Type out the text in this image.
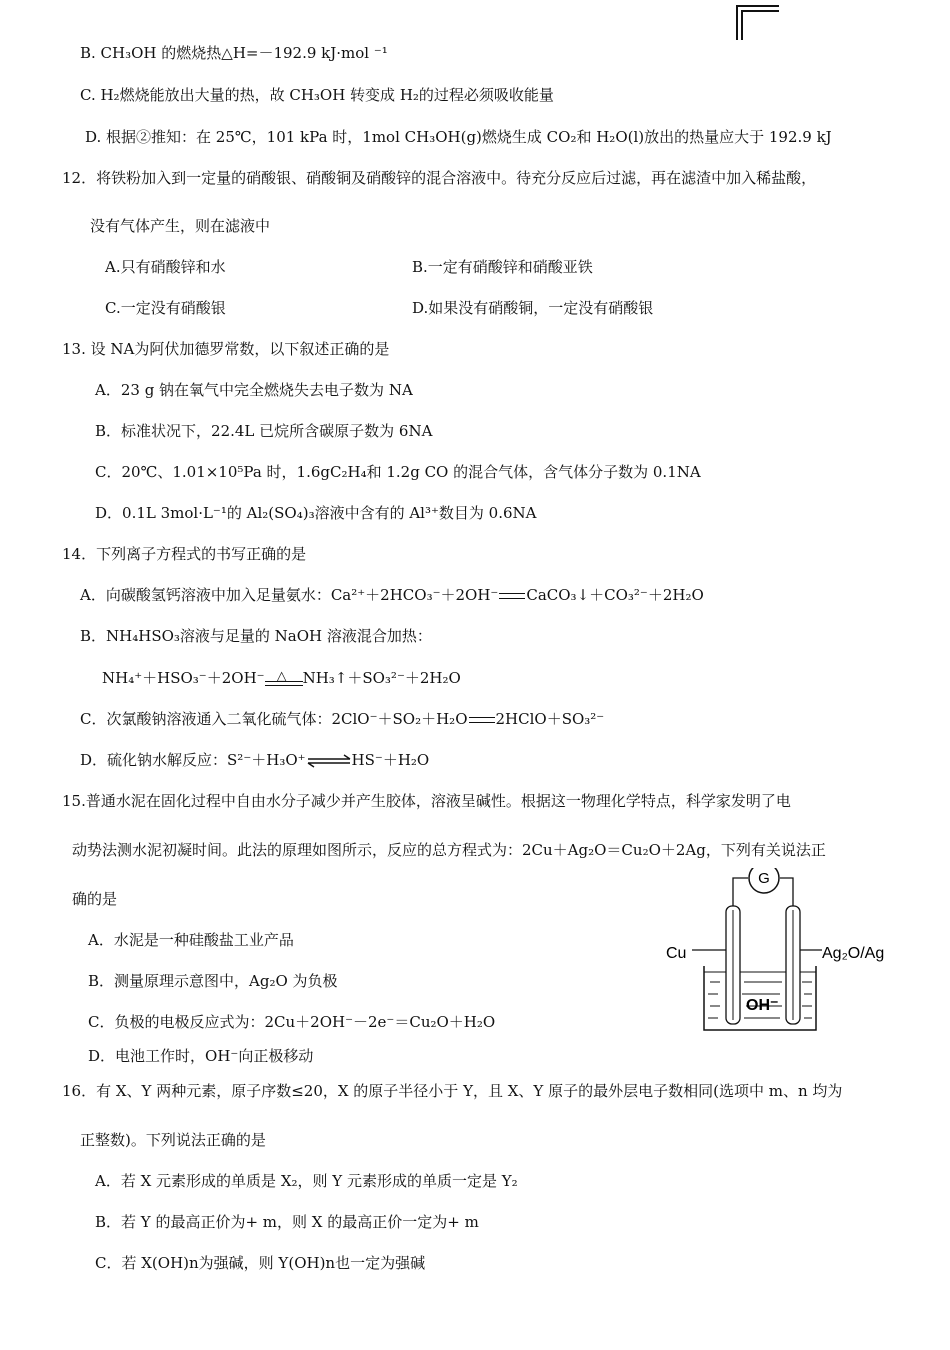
B. CH₃OH 的燃烧热△H=－192.9 kJ·mol ⁻¹
C. H₂燃烧能放出大量的热，故 CH₃OH 转变成 H₂的过程必须吸收能量
D. 根据②推知：在 25℃，101 kPa 时，1mol CH₃OH(g)燃烧生成 CO₂和 H₂O(l)放出的热量应大于 192.9 kJ
12．将铁粉加入到一定量的硝酸银、硝酸铜及硝酸锌的混合溶液中。待充分反应后过滤，再在滤渣中加入稀盐酸，
没有气体产生，则在滤液中
A.只有硝酸锌和水	B.一定有硝酸锌和硝酸亚铁
C.一定没有硝酸银	D.如果没有硝酸铜，一定没有硝酸银
13. 设 NA为阿伏加德罗常数，以下叙述正确的是
A．23 g 钠在氧气中完全燃烧失去电子数为 NA
B．标准状况下，22.4L 已烷所含碳原子数为 6NA
C．20℃、1.01×10⁵Pa 时，1.6gC₂H₄和 1.2g CO 的混合气体，含气体分子数为 0.1NA
D．0.1L 3mol·L⁻¹的 Al₂(SO₄)₃溶液中含有的 Al³⁺数目为 0.6NA
14．下列离子方程式的书写正确的是
A．向碳酸氢钙溶液中加入足量氨水：Ca²⁺＋2HCO₃⁻＋2OH⁻ CaCO₃↓＋CO₃²⁻＋2H₂O
B．NH₄HSO₃溶液与足量的 NaOH 溶液混合加热：
NH₄⁺＋HSO₃⁻＋2OH⁻ △ NH₃↑＋SO₃²⁻＋2H₂O
C．次氯酸钠溶液通入二氧化硫气体：2ClO⁻＋SO₂＋H₂O 2HClO＋SO₃²⁻
D．硫化钠水解反应：S²⁻＋H₃O⁺⇌HS⁻＋H₂O
15.普通水泥在固化过程中自由水分子减少并产生胶体，溶液呈碱性。根据这一物理化学特点，科学家发明了电
动势法测水泥初凝时间。此法的原理如图所示，反应的总方程式为：2Cu＋Ag₂O＝Cu₂O＋2Ag，下列有关说法正
确的是
A．水泥是一种硅酸盐工业产品
B．测量原理示意图中，Ag₂O 为负极
C．负极的电极反应式为：2Cu＋2OH⁻－2e⁻＝Cu₂O＋H₂O
D．电池工作时，OH⁻向正极移动
G
Cu	Ag₂O/Ag
OH⁻
16．有 X、Y 两种元素，原子序数≤20，X 的原子半径小于 Y，且 X、Y 原子的最外层电子数相同(选项中 m、n 均为
正整数)。下列说法正确的是
A．若 X 元素形成的单质是 X₂，则 Y 元素形成的单质一定是 Y₂
B．若 Y 的最高正价为+ m，则 X 的最高正价一定为+ m
C．若 X(OH)n为强碱，则 Y(OH)n也一定为强碱
